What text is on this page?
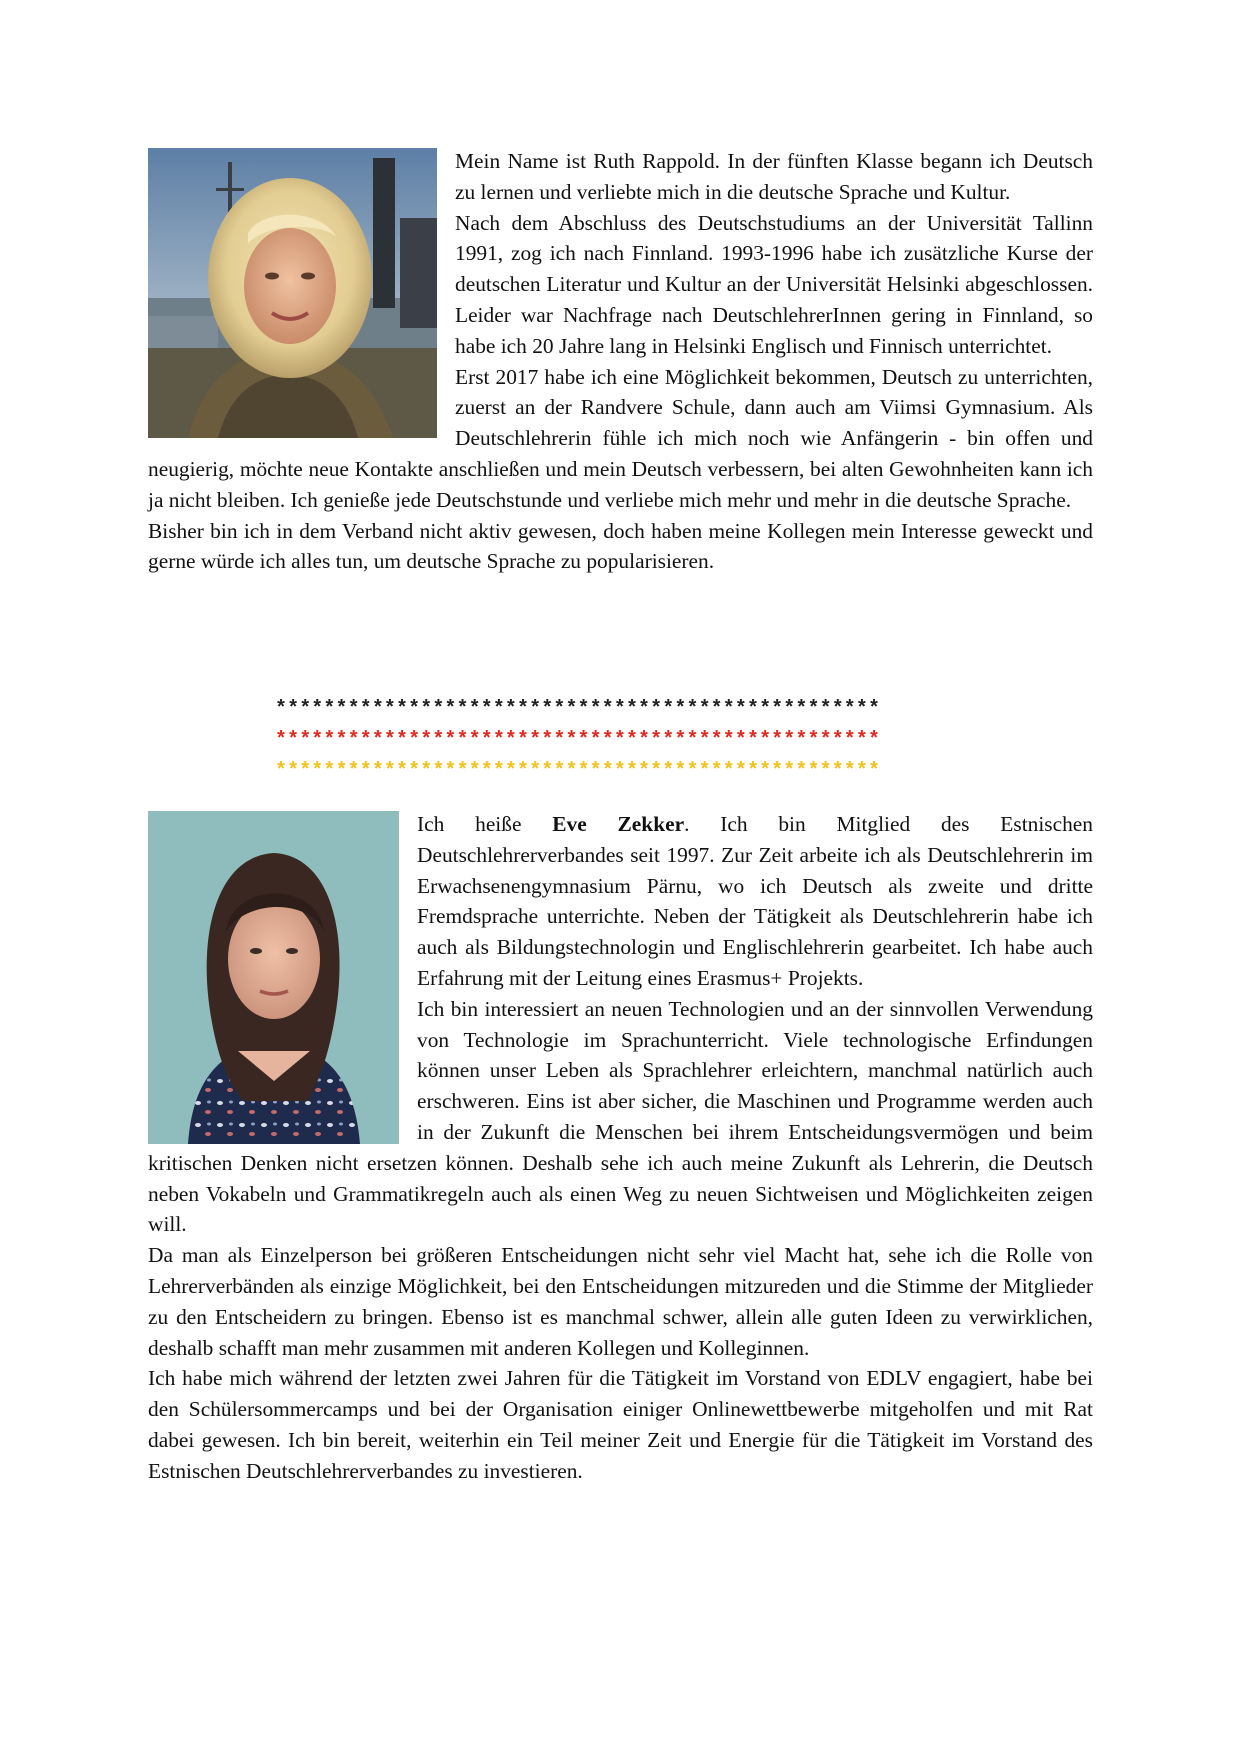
Mein Name ist Ruth Rappold. In der fünften Klasse begann ich Deutsch zu lernen und verliebte mich in die deutsche Sprache und Kultur.

Nach dem Abschluss des Deutschstudiums an der Universität Tallinn 1991, zog ich nach Finnland. 1993-1996 habe ich zusätzliche Kurse der deutschen Literatur und Kultur an der Universität Helsinki abgeschlossen. Leider war Nachfrage nach DeutschlehrerInnen gering in Finnland, so habe ich 20 Jahre lang in Helsinki Englisch und Finnisch unterrichtet.

Erst 2017 habe ich eine Möglichkeit bekommen, Deutsch zu unterrichten, zuerst an der Randvere Schule, dann auch am Viimsi Gymnasium. Als Deutschlehrerin fühle ich mich noch wie Anfängerin - bin offen und neugierig, möchte neue Kontakte anschließen und mein Deutsch verbessern, bei alten Gewohnheiten kann ich ja nicht bleiben. Ich genieße jede Deutschstunde und verliebe mich mehr und mehr in die deutsche Sprache.

Bisher bin ich in dem Verband nicht aktiv gewesen, doch haben meine Kollegen mein Interesse geweckt und gerne würde ich alles tun, um deutsche Sprache zu popularisieren.

**************************************************
**************************************************
**************************************************

Ich heiße Eve Zekker. Ich bin Mitglied des Estnischen Deutschlehrerverbandes seit 1997. Zur Zeit arbeite ich als Deutschlehrerin im Erwachsenengymnasium Pärnu, wo ich Deutsch als zweite und dritte Fremdsprache unterrichte. Neben der Tätigkeit als Deutschlehrerin habe ich auch als Bildungstechnologin und Englischlehrerin gearbeitet. Ich habe auch Erfahrung mit der Leitung eines Erasmus+ Projekts.

Ich bin interessiert an neuen Technologien und an der sinnvollen Verwendung von Technologie im Sprachunterricht. Viele technologische Erfindungen können unser Leben als Sprachlehrer erleichtern, manchmal natürlich auch erschweren. Eins ist aber sicher, die Maschinen und Programme werden auch in der Zukunft die Menschen bei ihrem Entscheidungsvermögen und beim kritischen Denken nicht ersetzen können. Deshalb sehe ich auch meine Zukunft als Lehrerin, die Deutsch neben Vokabeln und Grammatikregeln auch als einen Weg zu neuen Sichtweisen und Möglichkeiten zeigen will.

Da man als Einzelperson bei größeren Entscheidungen nicht sehr viel Macht hat, sehe ich die Rolle von Lehrerverbänden als einzige Möglichkeit, bei den Entscheidungen mitzureden und die Stimme der Mitglieder zu den Entscheidern zu bringen. Ebenso ist es manchmal schwer, allein alle guten Ideen zu verwirklichen, deshalb schafft man mehr zusammen mit anderen Kollegen und Kolleginnen.

Ich habe mich während der letzten zwei Jahren für die Tätigkeit im Vorstand von EDLV engagiert, habe bei den Schülersommercamps und bei der Organisation einiger Onlinewettbewerbe mitgeholfen und mit Rat dabei gewesen. Ich bin bereit, weiterhin ein Teil meiner Zeit und Energie für die Tätigkeit im Vorstand des Estnischen Deutschlehrerverbandes zu investieren.
